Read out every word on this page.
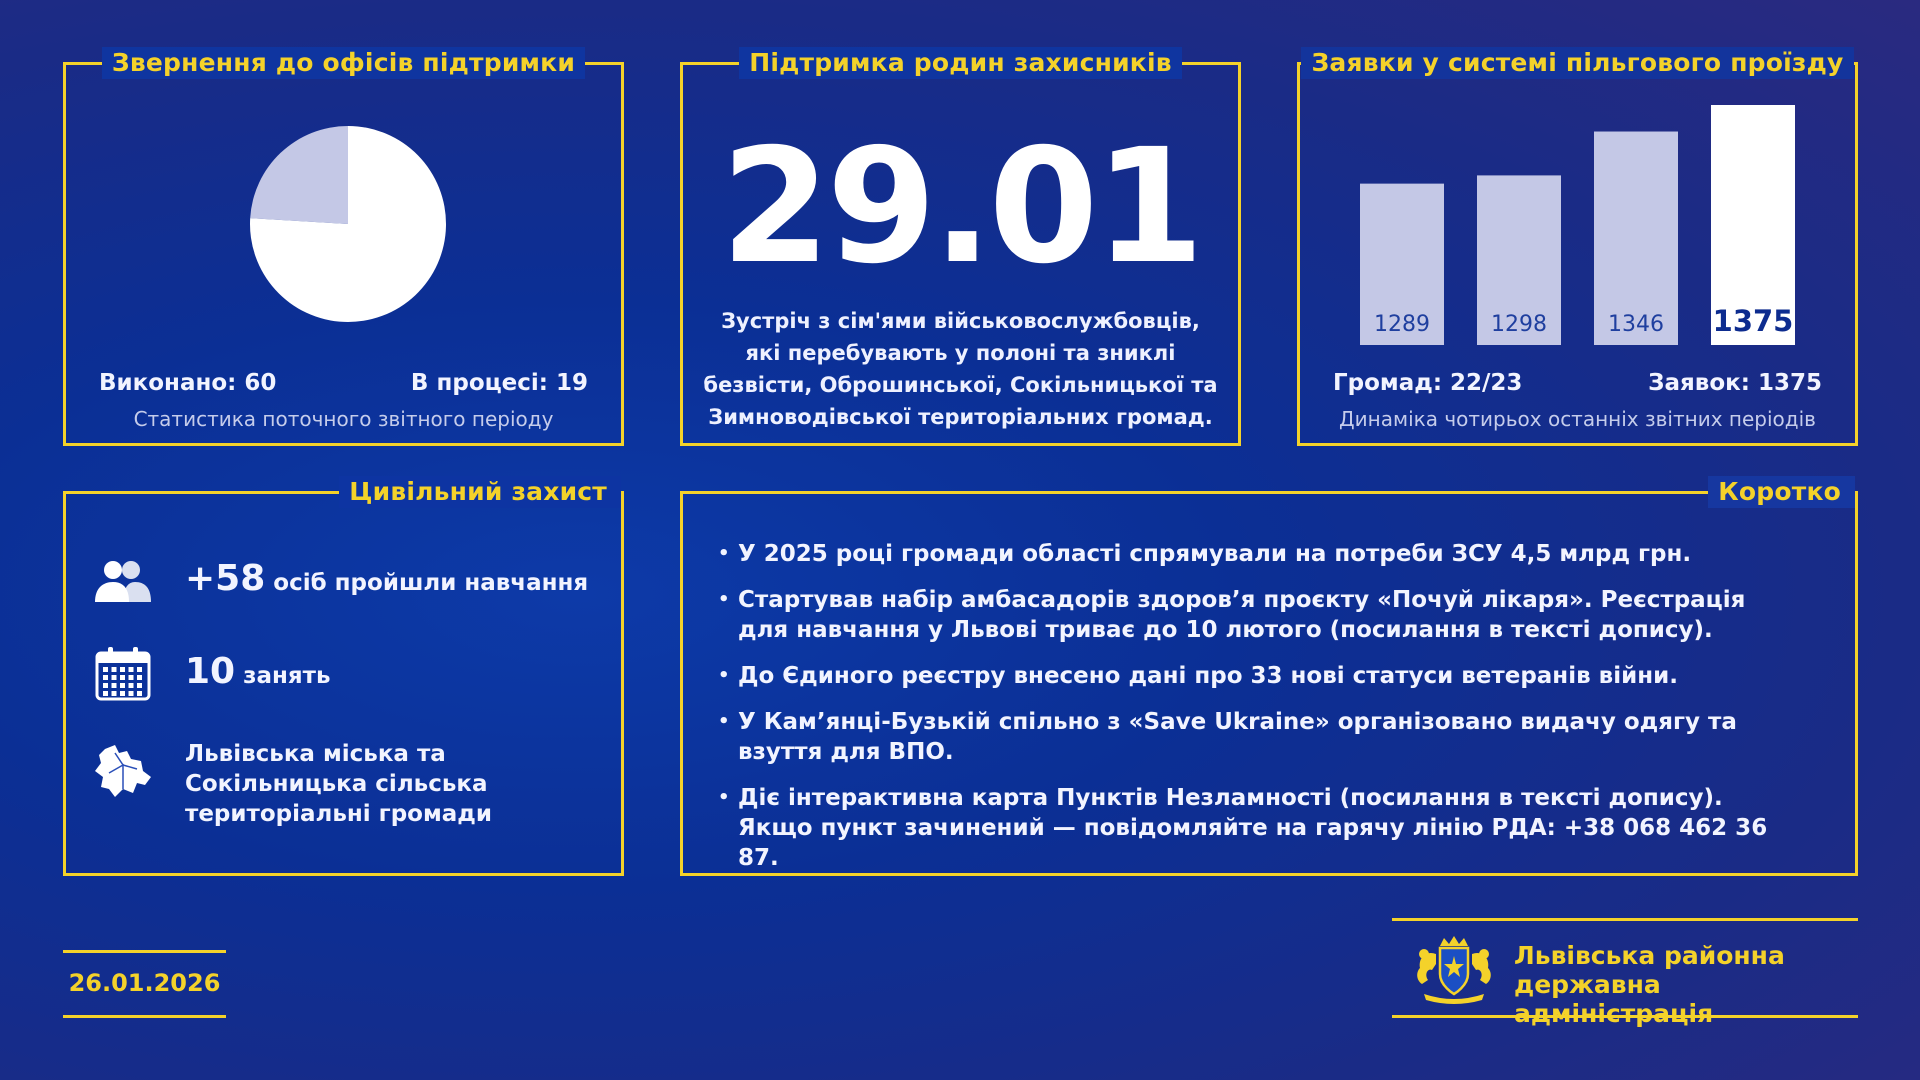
Звернення до офісів підтримки
Виконано: 60	В процесі: 19
Статистика поточного звітного періоду
Підтримка родин захисників
29.01
Зустріч з сім'ями військовослужбовців, які перебувають у полоні та зниклі безвісти, Оброшинської, Сокільницької та Зимноводівської територіальних громад.
Заявки у системі пільгового проїзду
1289	1298	1346 1375
Громад: 22/23	Заявок: 1375
Динаміка чотирьох останніх звітних періодів
Цивільний захист
+58 осіб пройшли навчання
10 занять
Львівська міська та Сокільницька сільська територіальні громади
Коротко
• У 2025 році громади області спрямували на потреби ЗСУ 4,5 млрд грн.
• Стартував набір амбасадорів здоров’я проєкту «Почуй лікаря». Реєстрація для навчання у Львові триває до 10 лютого (посилання в тексті допису).
• До Єдиного реєстру внесено дані про 33 нові статуси ветеранів війни.
• У Кам’янці-Бузькій спільно з «Save Ukraine» організовано видачу одягу та взуття для ВПО.
• Діє інтерактивна карта Пунктів Незламності (посилання в тексті допису). Якщо пункт зачинений — повідомляйте на гарячу лінію РДА: +38 068 462 36 87.
26.01.2026
Львівська районна
державна адміністрація
